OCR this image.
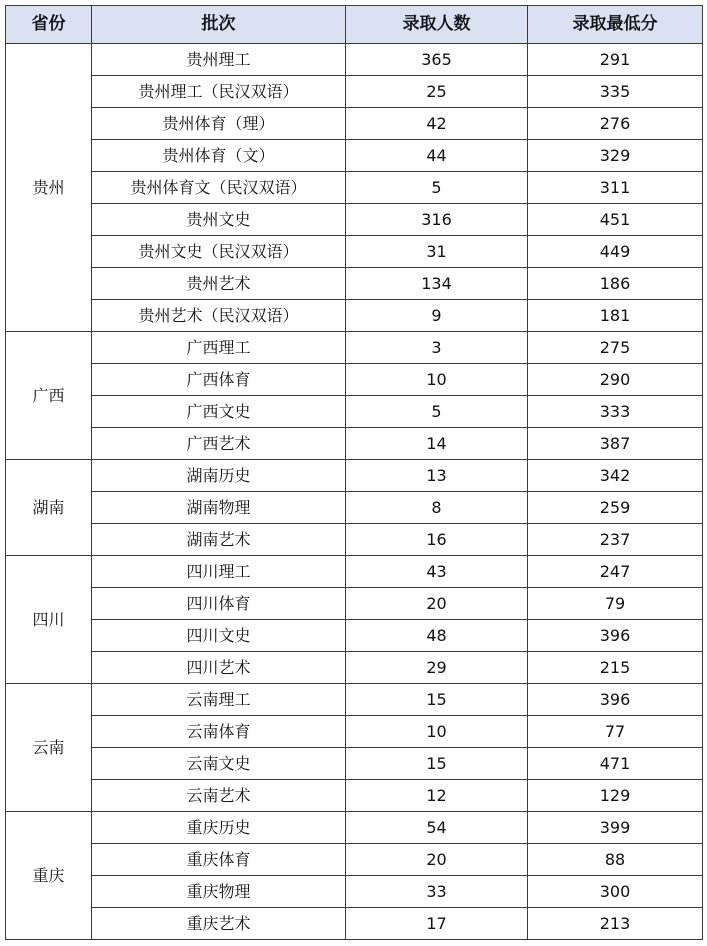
省份	批次	录取人数	录取最低分
贵州	贵州理工	365	291
	贵州理工（民汉双语）	25	335
	贵州体育（理）	42	276
	贵州体育（文）	44	329
	贵州体育文（民汉双语）	5	311
	贵州文史	316	451
	贵州文史（民汉双语）	31	449
	贵州艺术	134	186
	贵州艺术（民汉双语）	9	181
广西	广西理工	3	275
	广西体育	10	290
	广西文史	5	333
	广西艺术	14	387
湖南	湖南历史	13	342
	湖南物理	8	259
	湖南艺术	16	237
四川	四川理工	43	247
	四川体育	20	79
	四川文史	48	396
	四川艺术	29	215
云南	云南理工	15	396
	云南体育	10	77
	云南文史	15	471
	云南艺术	12	129
重庆	重庆历史	54	399
	重庆体育	20	88
	重庆物理	33	300
	重庆艺术	17	213
